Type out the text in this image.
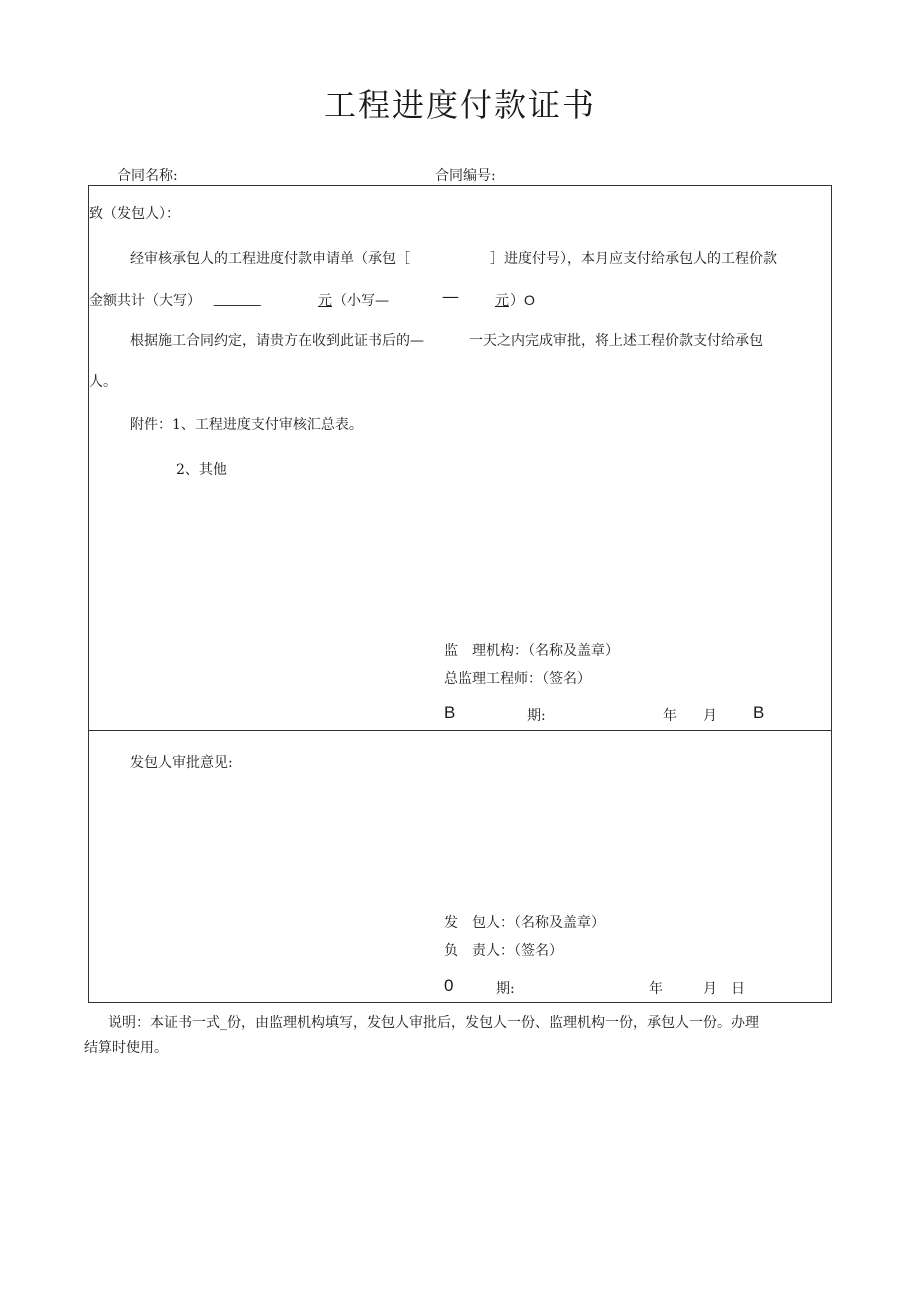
工程进度付款证书
合同名称:	合同编号:
致（发包人）：
经审核承包人的工程进度付款申请单（承包［	］进度付号），本月应支付给承包人的工程价款
金额共计（大写） ______	元 （小写—	—	元 ）O
根据施工合同约定，请贵方在收到此证书后的—	一天之内完成审批，将上述工程价款支付给承包
人。
附件：1、工程进度支付审核汇总表。
2、其他
监　理机构：（名称及盖章）
总监理工程师：（签名）
B	期:	年 月 B
发包人审批意见:
发　包人：（名称及盖章）
负　责人：（签名）
0	期:	年	月 日
说明：本证书一式_份，由监理机构填写，发包人审批后，发包人一份、监理机构一份，承包人一份。办理
结算时使用。
